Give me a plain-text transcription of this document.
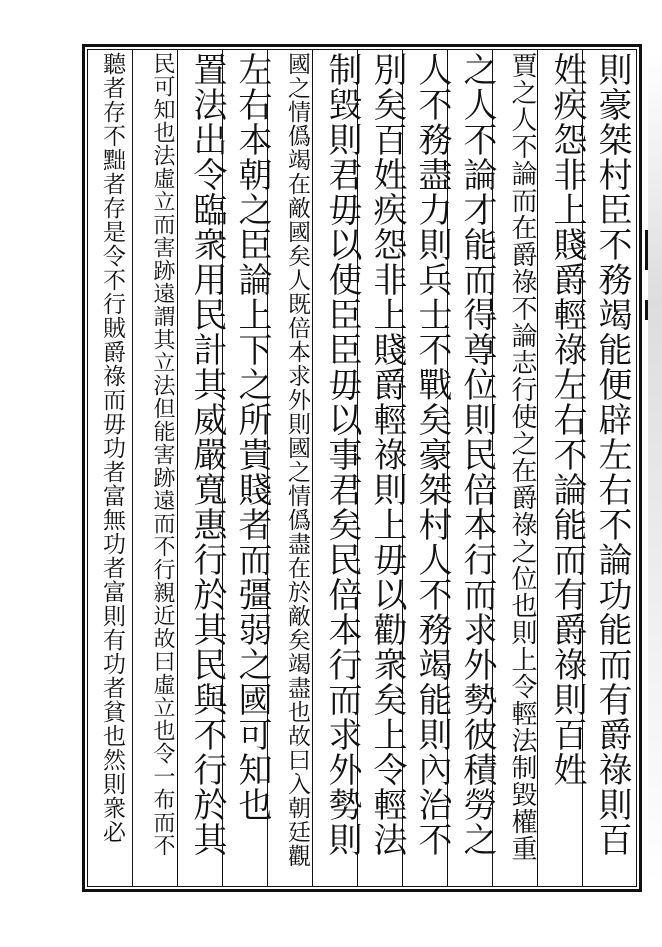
則豪桀村臣不務竭能便辟左右不論功能而有爵祿則百
姓疾怨非上賤爵輕祿左右不論能而有爵祿則百姓
賈之人不論而在爵祿不論志行使之在爵祿之位也則上令輕法制毀權重
之人不論才能而得尊位則民倍本行而求外勢彼積勞之
人不務盡力則兵士不戰矣豪桀村人不務竭能則內治不
別矣百姓疾怨非上賤爵輕祿則上毋以勸衆矣上令輕法
制毀則君毋以使臣臣毋以事君矣民倍本行而求外勢則
國之情僞竭在敵國矣人既倍本求外則國之情僞盡在於敵矣竭盡也故曰入朝廷觀
左右本朝之臣論上下之所貴賤者而彊弱之國可知也
置法出令臨衆用民計其威嚴寬惠行於其民與不行於其
民可知也法虛立而害跡遠謂其立法但能害跡遠而不行親近故曰虛立也令一布而不
聽者存不黜者存是令不行賊爵祿而毋功者富無功者富則有功者貧也然則衆必
